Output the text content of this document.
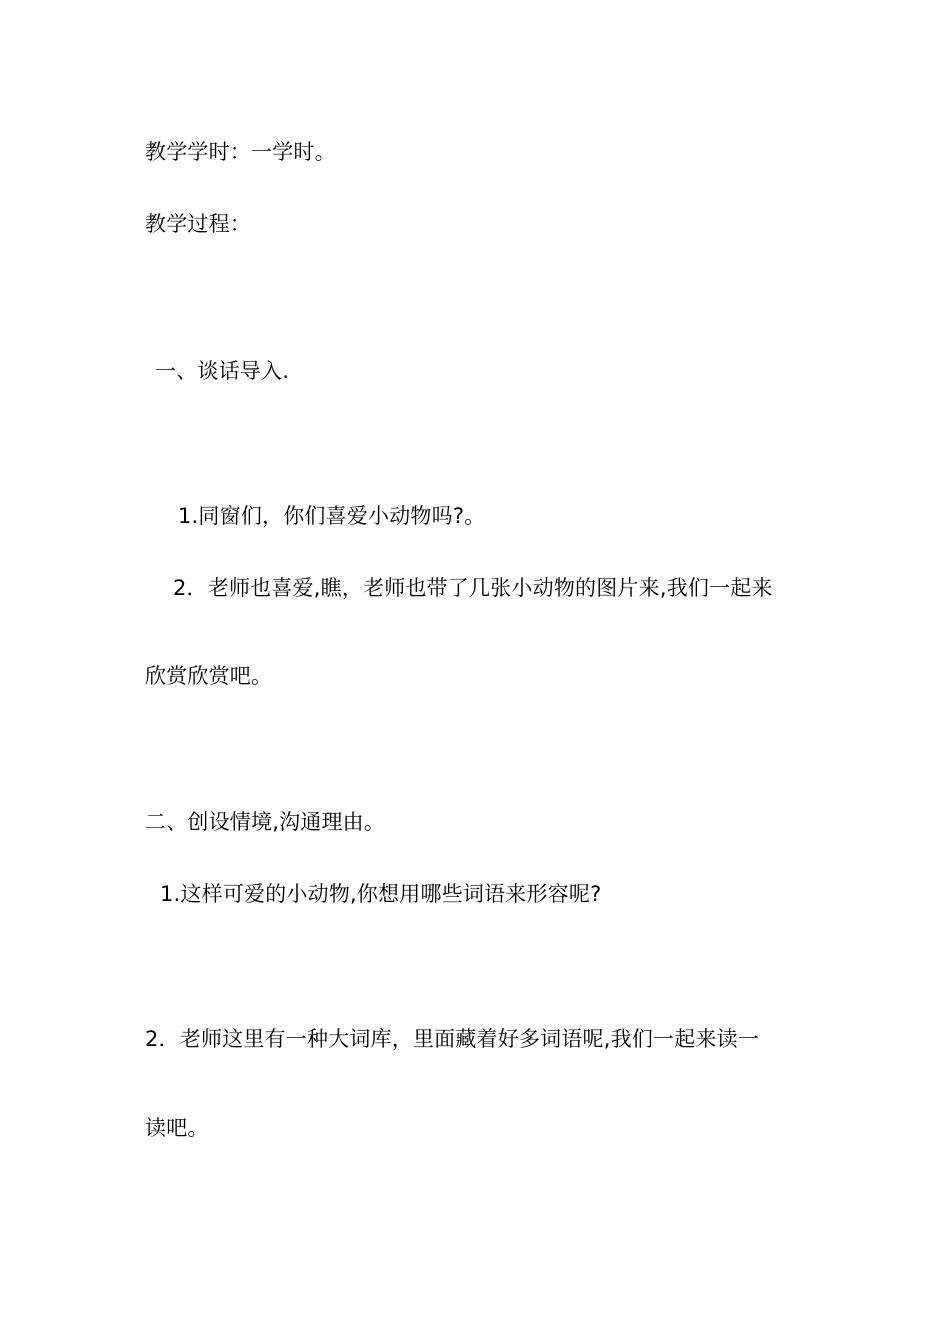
教学学时：一学时。
教学过程：
一、谈话导入.
1.同窗们，你们喜爱小动物吗?。
2．老师也喜爱,瞧，老师也带了几张小动物的图片来,我们一起来
欣赏欣赏吧。
二、创设情境,沟通理由。
1.这样可爱的小动物,你想用哪些词语来形容呢?
2．老师这里有一种大词库，里面藏着好多词语呢,我们一起来读一
读吧。
